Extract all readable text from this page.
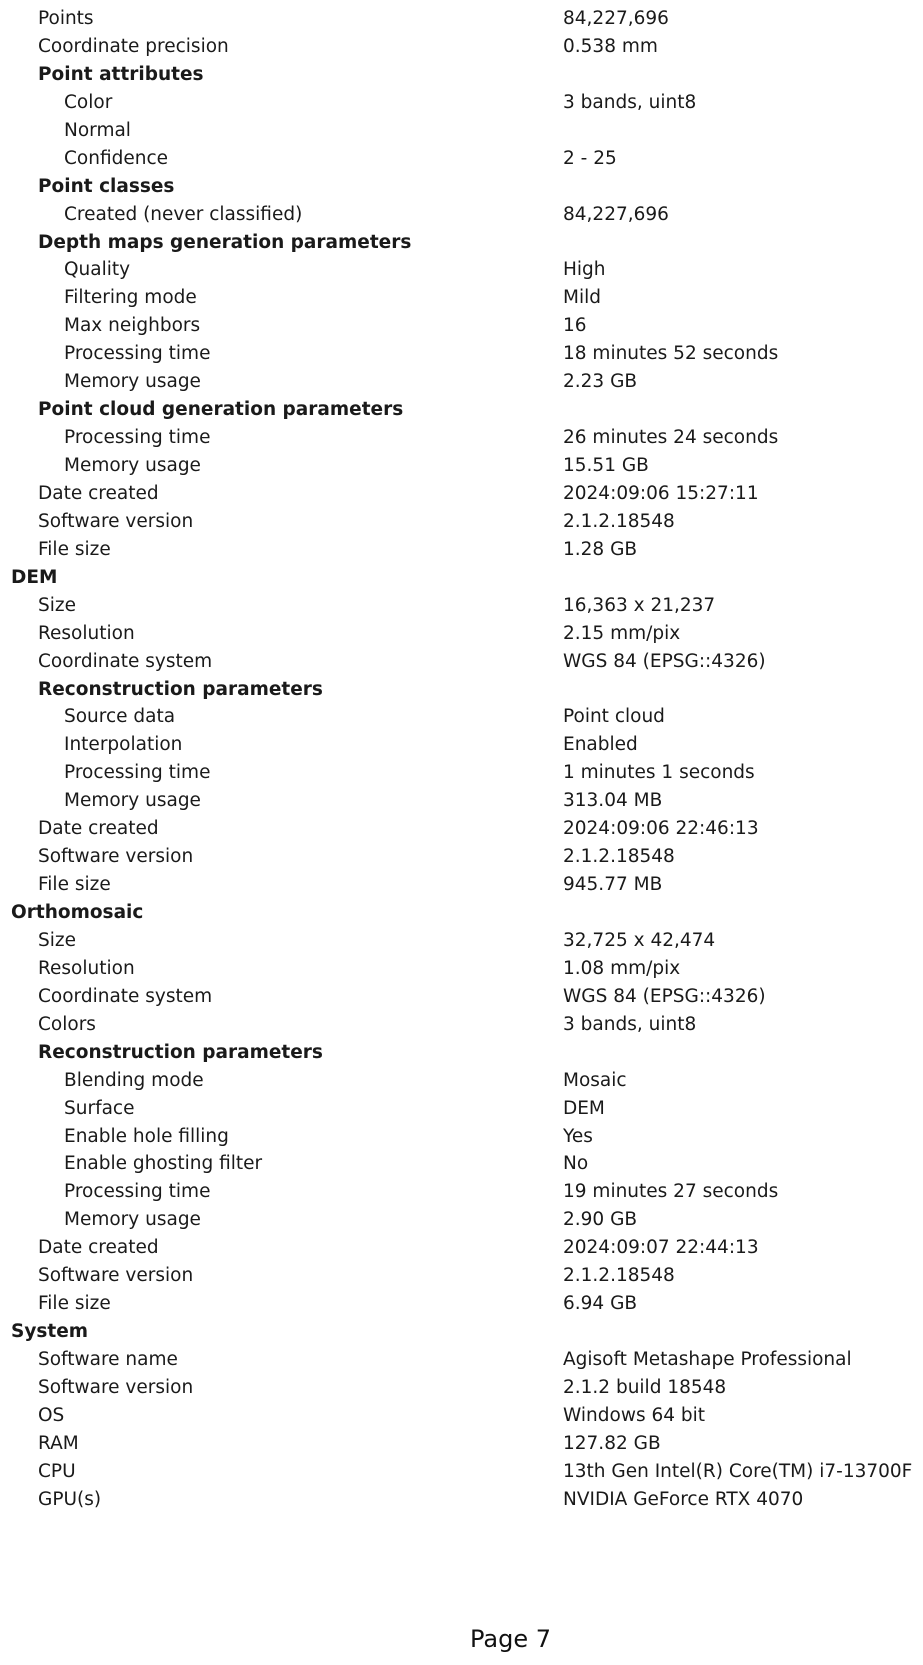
Points	84,227,696
Coordinate precision	0.538 mm
Point attributes
Color	3 bands, uint8
Normal
Confidence	2 - 25
Point classes
Created (never classified)	84,227,696
Depth maps generation parameters
Quality	High
Filtering mode	Mild
Max neighbors	16
Processing time	18 minutes 52 seconds
Memory usage	2.23 GB
Point cloud generation parameters
Processing time	26 minutes 24 seconds
Memory usage	15.51 GB
Date created	2024:09:06 15:27:11
Software version	2.1.2.18548
File size	1.28 GB
DEM
Size	16,363 x 21,237
Resolution	2.15 mm/pix
Coordinate system	WGS 84 (EPSG::4326)
Reconstruction parameters
Source data	Point cloud
Interpolation	Enabled
Processing time	1 minutes 1 seconds
Memory usage	313.04 MB
Date created	2024:09:06 22:46:13
Software version	2.1.2.18548
File size	945.77 MB
Orthomosaic
Size	32,725 x 42,474
Resolution	1.08 mm/pix
Coordinate system	WGS 84 (EPSG::4326)
Colors	3 bands, uint8
Reconstruction parameters
Blending mode	Mosaic
Surface	DEM
Enable hole filling	Yes
Enable ghosting filter	No
Processing time	19 minutes 27 seconds
Memory usage	2.90 GB
Date created	2024:09:07 22:44:13
Software version	2.1.2.18548
File size	6.94 GB
System
Software name	Agisoft Metashape Professional
Software version	2.1.2 build 18548
OS	Windows 64 bit
RAM	127.82 GB
CPU	13th Gen Intel(R) Core(TM) i7-13700F
GPU(s)	NVIDIA GeForce RTX 4070
Page 7
